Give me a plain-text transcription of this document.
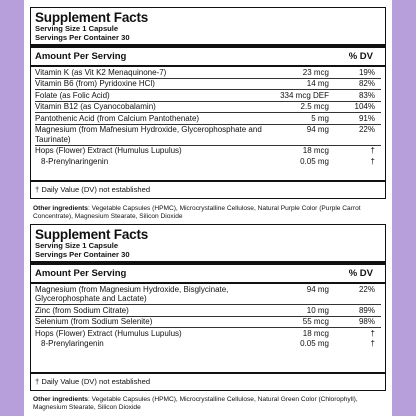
Supplement Facts
Serving Size 1 Capsule
Servings Per Container 30
Amount Per Serving	% DV
Vitamin K (as Vit K2 Menaquinone-7)	23 mcg	19%
Vitamin B6 (from) Pyridoxine HCl)	14 mg	82%
Folate (as Folic Acid)	334 mcg DEF	83%
Vitamin B12 (as Cyanocobalamin)	2.5 mcg	104%
Pantothenic Acid (from Calcium Pantothenate)	5 mg	91%
Magnesium (from Mafnesium Hydroxide, Glycerophosphate and Taurinate)
94 mg	22%
Hops (Flower) Extract (Humulus Lupulus)	18 mcg	†
8-Prenylnaringenin	0.05 mg	†
† Daily Value (DV) not established
Other ingredients: Vegetable Capsules (HPMC), Microcrystalline Cellulose, Natural Purple Color (Purple Carrot Concentrate), Magnesium Stearate, Silicon Dioxide
Supplement Facts
Serving Size 1 Capsule
Servings Per Container 30
Amount Per Serving	% DV
Magnesium (from Magnesium Hydroxide, Bisglycinate, Glycerophosphate and Lactate)
94 mg	22%
Zinc (from Sodium Citrate)	10 mg	89%
Selenium (from Sodium Selenite)	55 mcg	98%
Hops (Flower) Extract (Humulus Lupulus)	18 mcg	†
8-Prenylaringenin	0.05 mg	†
† Daily Value (DV) not established
Other ingredients: Vegetable Capsules (HPMC), Microcrystalline Cellulose, Natural Green Color (Chlorophyll), Magnesium Stearate, Silicon Dioxide
